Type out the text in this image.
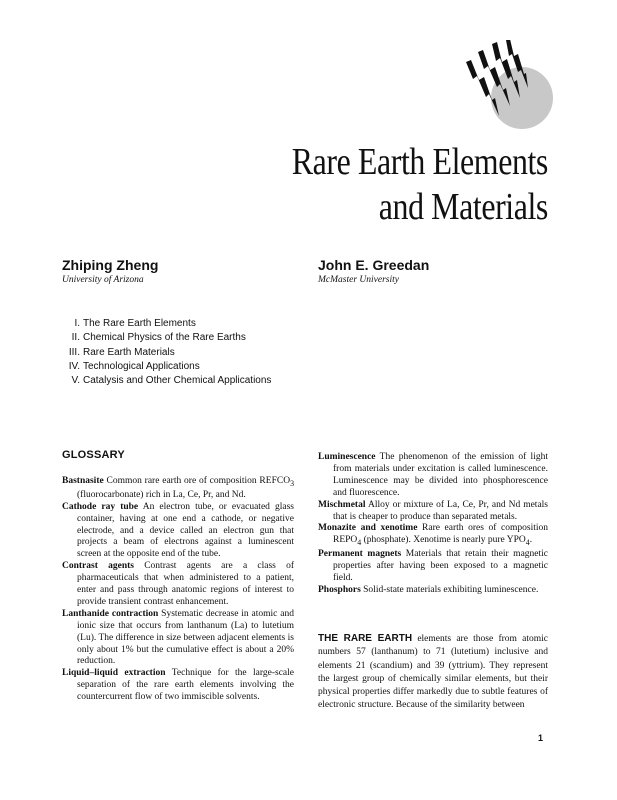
Rare Earth Elements
and Materials
Zhiping Zheng
University of Arizona
John E. Greedan
McMaster University
I. The Rare Earth Elements
II. Chemical Physics of the Rare Earths
III. Rare Earth Materials
IV. Technological Applications
V. Catalysis and Other Chemical Applications
GLOSSARY

Bastnasite Common rare earth ore of composition $REFCO_3$ (fluorocarbonate) rich in La, Ce, Pr, and Nd.

Cathode ray tube An electron tube, or evacuated glass container, having at one end a cathode, or negative electrode, and a device called an electron gun that projects a beam of electrons against a luminescent screen at the opposite end of the tube.

Contrast agents Contrast agents are a class of pharmaceuticals that when administered to a patient, enter and pass through anatomic regions of interest to provide transient contrast enhancement.

Lanthanide contraction Systematic decrease in atomic and ionic size that occurs from lanthanum (La) to lutetium (Lu). The difference in size between adjacent elements is only about 1% but the cumulative effect is about a 20% reduction.

Liquid–liquid extraction Technique for the large-scale separation of the rare earth elements involving the countercurrent flow of two immiscible solvents.

Luminescence The phenomenon of the emission of light from materials under excitation is called luminescence. Luminescence may be divided into phosphorescence and fluorescence.

Mischmetal Alloy or mixture of La, Ce, Pr, and Nd metals that is cheaper to produce than separated metals.

Monazite and xenotime Rare earth ores of composition $REPO_4$ (phosphate). Xenotime is nearly pure $YPO_4$.

Permanent magnets Materials that retain their magnetic properties after having been exposed to a magnetic field.

Phosphors Solid-state materials exhibiting luminescence.

THE RARE EARTH elements are those from atomic numbers 57 (lanthanum) to 71 (lutetium) inclusive and elements 21 (scandium) and 39 (yttrium). They represent the largest group of chemically similar elements, but their physical properties differ markedly due to subtle features of electronic structure. Because of the similarity between
1
